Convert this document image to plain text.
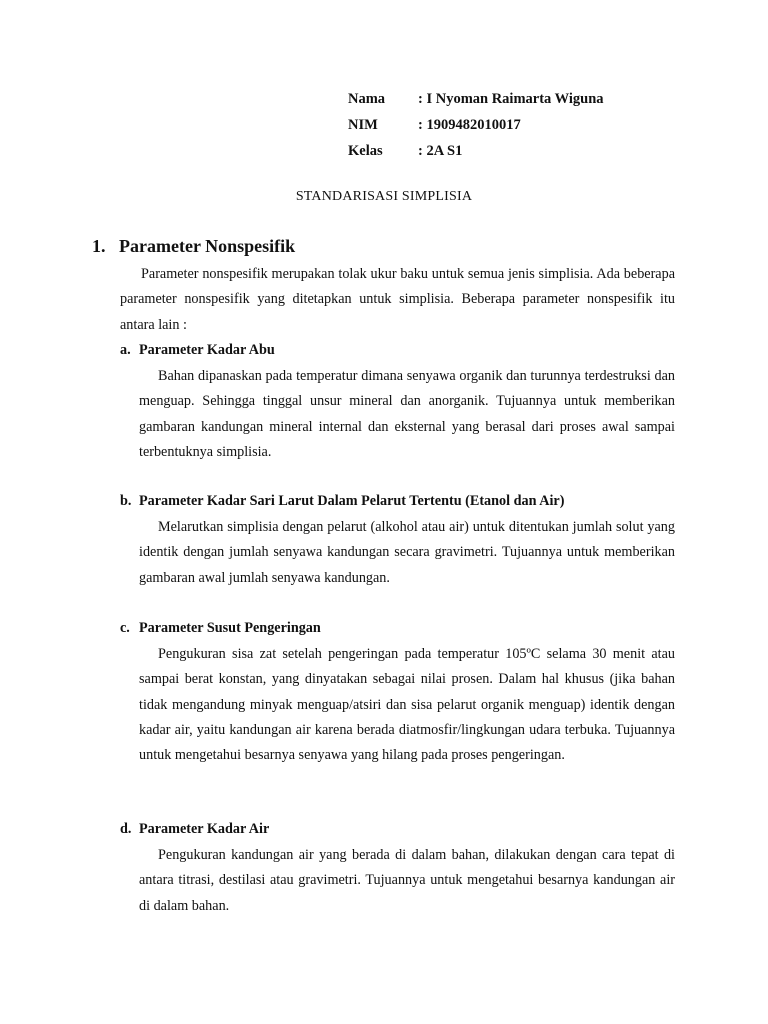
Nama	: I Nyoman Raimarta Wiguna
NIM	: 1909482010017
Kelas	: 2A S1
STANDARISASI SIMPLISIA
1. Parameter Nonspesifik

Parameter nonspesifik merupakan tolak ukur baku untuk semua jenis simplisia. Ada beberapa parameter nonspesifik yang ditetapkan untuk simplisia. Beberapa parameter nonspesifik itu antara lain :

a. Parameter Kadar Abu

Bahan dipanaskan pada temperatur dimana senyawa organik dan turunnya terdestruksi dan menguap. Sehingga tinggal unsur mineral dan anorganik. Tujuannya untuk memberikan gambaran kandungan mineral internal dan eksternal yang berasal dari proses awal sampai terbentuknya simplisia.

b. Parameter Kadar Sari Larut Dalam Pelarut Tertentu (Etanol dan Air)

Melarutkan simplisia dengan pelarut (alkohol atau air) untuk ditentukan jumlah solut yang identik dengan jumlah senyawa kandungan secara gravimetri. Tujuannya untuk memberikan gambaran awal jumlah senyawa kandungan.

c. Parameter Susut Pengeringan

Pengukuran sisa zat setelah pengeringan pada temperatur 105ºC selama 30 menit atau sampai berat konstan, yang dinyatakan sebagai nilai prosen. Dalam hal khusus (jika bahan tidak mengandung minyak menguap/atsiri dan sisa pelarut organik menguap) identik dengan kadar air, yaitu kandungan air karena berada diatmosfir/lingkungan udara terbuka. Tujuannya untuk mengetahui besarnya senyawa yang hilang pada proses pengeringan.

d. Parameter Kadar Air

Pengukuran kandungan air yang berada di dalam bahan, dilakukan dengan cara tepat di antara titrasi, destilasi atau gravimetri. Tujuannya untuk mengetahui besarnya kandungan air di dalam bahan.
